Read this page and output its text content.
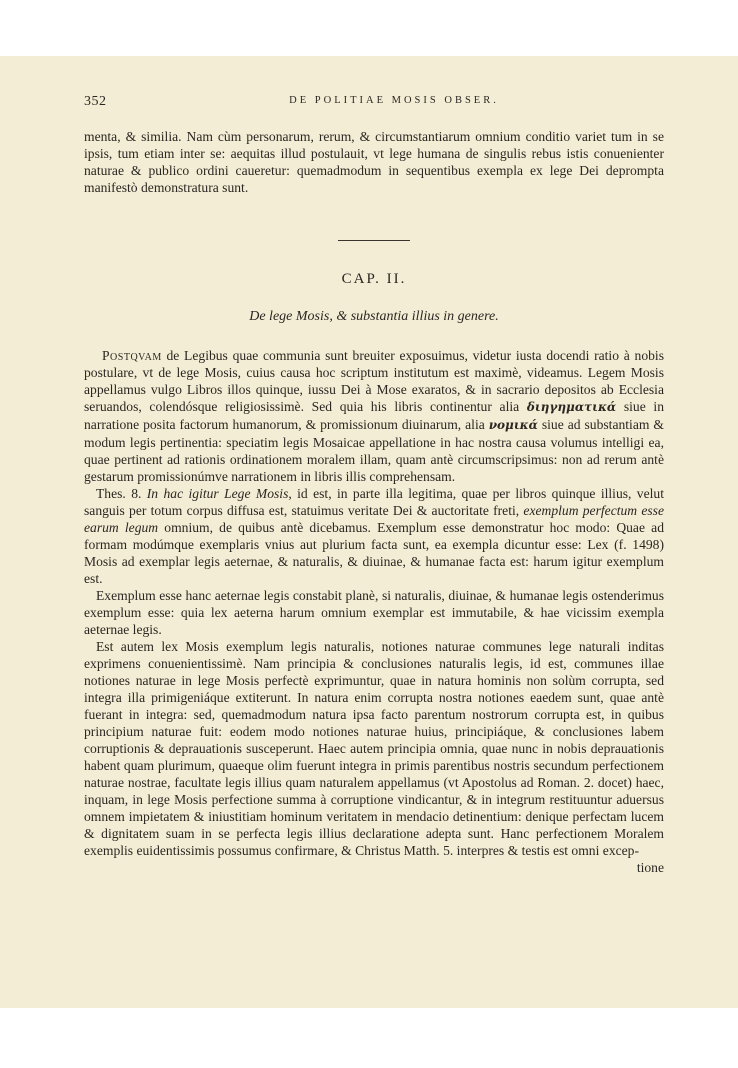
352	DE POLITIAE MOSIS OBSER.

menta, & similia. Nam cùm personarum, rerum, & circumstantiarum omnium conditio variet tum in se ipsis, tum etiam inter se: aequitas illud postulauit, vt lege humana de singulis rebus istis conuenienter naturae & publico ordini caueretur: quemadmodum in sequentibus exempla ex lege Dei deprompta manifestò demonstratura sunt.

CAP. II.
De lege Mosis, & substantia illius in genere.

Postqvam de Legibus quae communia sunt breuiter exposuimus, videtur iusta docendi ratio à nobis postulare, vt de lege Mosis, cuius causa hoc scriptum institutum est maximè, videamus. Legem Mosis appellamus vulgo Libros illos quinque, iussu Dei à Mose exaratos, & in sacrario depositos ab Ecclesia seruandos, colendósque religiosissimè. Sed quia his libris continentur alia διηγηματικά siue in narratione posita factorum humanorum, & promissionum diuinarum, alia νομικά siue ad substantiam & modum legis pertinentia: speciatim legis Mosaicae appellatione in hac nostra causa volumus intelligi ea, quae pertinent ad rationis ordinationem moralem illam, quam antè circumscripsimus: non ad rerum antè gestarum promissionúmve narrationem in libris illis comprehensam.

Thes. 8. In hac igitur Lege Mosis, id est, in parte illa legitima, quae per libros quinque illius, velut sanguis per totum corpus diffusa est, statuimus veritate Dei & auctoritate freti, exemplum perfectum esse earum legum omnium, de quibus antè dicebamus. Exemplum esse demonstratur hoc modo: Quae ad formam modúmque exemplaris vnius aut plurium facta sunt, ea exempla dicuntur esse: Lex (f. 1498) Mosis ad exemplar legis aeternae, & naturalis, & diuinae, & humanae facta est: harum igitur exemplum est.

Exemplum esse hanc aeternae legis constabit planè, si naturalis, diuinae, & humanae legis ostenderimus exemplum esse: quia lex aeterna harum omnium exemplar est immutabile, & hae vicissim exempla aeternae legis.

Est autem lex Mosis exemplum legis naturalis, notiones naturae communes lege naturali inditas exprimens conuenientissimè. Nam principia & conclusiones naturalis legis, id est, communes illae notiones naturae in lege Mosis perfectè exprimuntur, quae in natura hominis non solùm corrupta, sed integra illa primigeniáque extiterunt. In natura enim corrupta nostra notiones eaedem sunt, quae antè fuerant in integra: sed, quemadmodum natura ipsa facto parentum nostrorum corrupta est, in quibus principium naturae fuit: eodem modo notiones naturae huius, principiáque, & conclusiones labem corruptionis & deprauationis susceperunt. Haec autem principia omnia, quae nunc in nobis deprauationis habent quam plurimum, quaeque olim fuerunt integra in primis parentibus nostris secundum perfectionem naturae nostrae, facultate legis illius quam naturalem appellamus (vt Apostolus ad Roman. 2. docet) haec, inquam, in lege Mosis perfectione summa à corruptione vindicantur, & in integrum restituuntur aduersus omnem impietatem & iniustitiam hominum veritatem in mendacio detinentium: denique perfectam lucem & dignitatem suam in se perfecta legis illius declaratione adepta sunt. Hanc perfectionem Moralem exemplis euidentissimis possumus confirmare, & Christus Matth. 5. interpres & testis est omni excep-

tione
